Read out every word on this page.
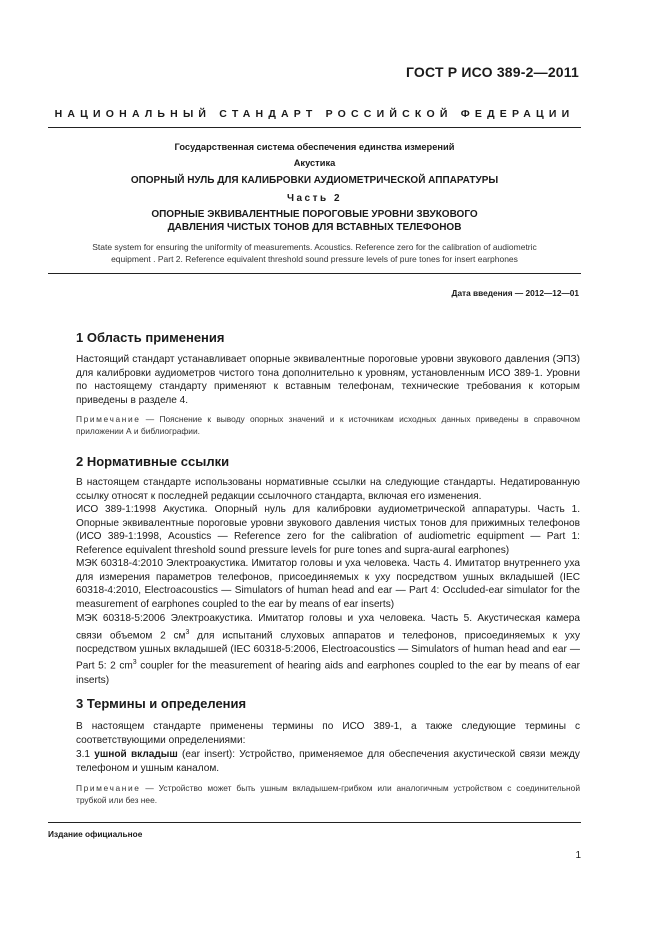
ГОСТ Р ИСО 389-2—2011
НАЦИОНАЛЬНЫЙ СТАНДАРТ РОССИЙСКОЙ ФЕДЕРАЦИИ
Государственная система обеспечения единства измерений
Акустика
ОПОРНЫЙ НУЛЬ ДЛЯ КАЛИБРОВКИ АУДИОМЕТРИЧЕСКОЙ АППАРАТУРЫ
Часть 2
ОПОРНЫЕ ЭКВИВАЛЕНТНЫЕ ПОРОГОВЫЕ УРОВНИ ЗВУКОВОГО
ДАВЛЕНИЯ ЧИСТЫХ ТОНОВ ДЛЯ ВСТАВНЫХ ТЕЛЕФОНОВ
State system for ensuring the uniformity of measurements. Acoustics. Reference zero for the calibration of audiometric
equipment . Part 2. Reference equivalent threshold sound pressure levels of pure tones for insert earphones
Дата введения — 2012—12—01
1 Область применения

Настоящий стандарт устанавливает опорные эквивалентные пороговые уровни звукового давления (ЭПЗ) для калибровки аудиометров чистого тона дополнительно к уровням, установленным ИСО 389-1. Уровни по настоящему стандарту применяют к вставным телефонам, технические требования к которым приведены в разделе 4.

Примечание — Пояснение к выводу опорных значений и к источникам исходных данных приведены в справочном приложении А и библиографии.

2 Нормативные ссылки

В настоящем стандарте использованы нормативные ссылки на следующие стандарты. Недатированную ссылку относят к последней редакции ссылочного стандарта, включая его изменения.

ИСО 389-1:1998 Акустика. Опорный нуль для калибровки аудиометрической аппаратуры. Часть 1. Опорные эквивалентные пороговые уровни звукового давления чистых тонов для прижимных телефонов (ИСО 389-1:1998, Acoustics — Reference zero for the calibration of audiometric equipment — Part 1: Reference equivalent threshold sound pressure levels for pure tones and supra-aural earphones)

МЭК 60318-4:2010 Электроакустика. Имитатор головы и уха человека. Часть 4. Имитатор внутреннего уха для измерения параметров телефонов, присоединяемых к уху посредством ушных вкладышей (IEC 60318-4:2010, Electroacoustics — Simulators of human head and ear — Part 4: Occluded-ear simulator for the measurement of earphones coupled to the ear by means of ear inserts)

МЭК 60318-5:2006 Электроакустика. Имитатор головы и уха человека. Часть 5. Акустическая камера связи объемом 2 $см^3$ для испытаний слуховых аппаратов и телефонов, присоединяемых к уху посредством ушных вкладышей (IEC 60318-5:2006, Electroacoustics — Simulators of human head and ear — Part 5: 2 $cm^3$ coupler for the measurement of hearing aids and earphones coupled to the ear by means of ear inserts)

3 Термины и определения

В настоящем стандарте применены термины по ИСО 389-1, а также следующие термины с соответствующими определениями:

3.1 ушной вкладыш (ear insert): Устройство, применяемое для обеспечения акустической связи между телефоном и ушным каналом.

Примечание — Устройство может быть ушным вкладышем-грибком или аналогичным устройством с соединительной трубкой или без нее.

Издание официальное
1
